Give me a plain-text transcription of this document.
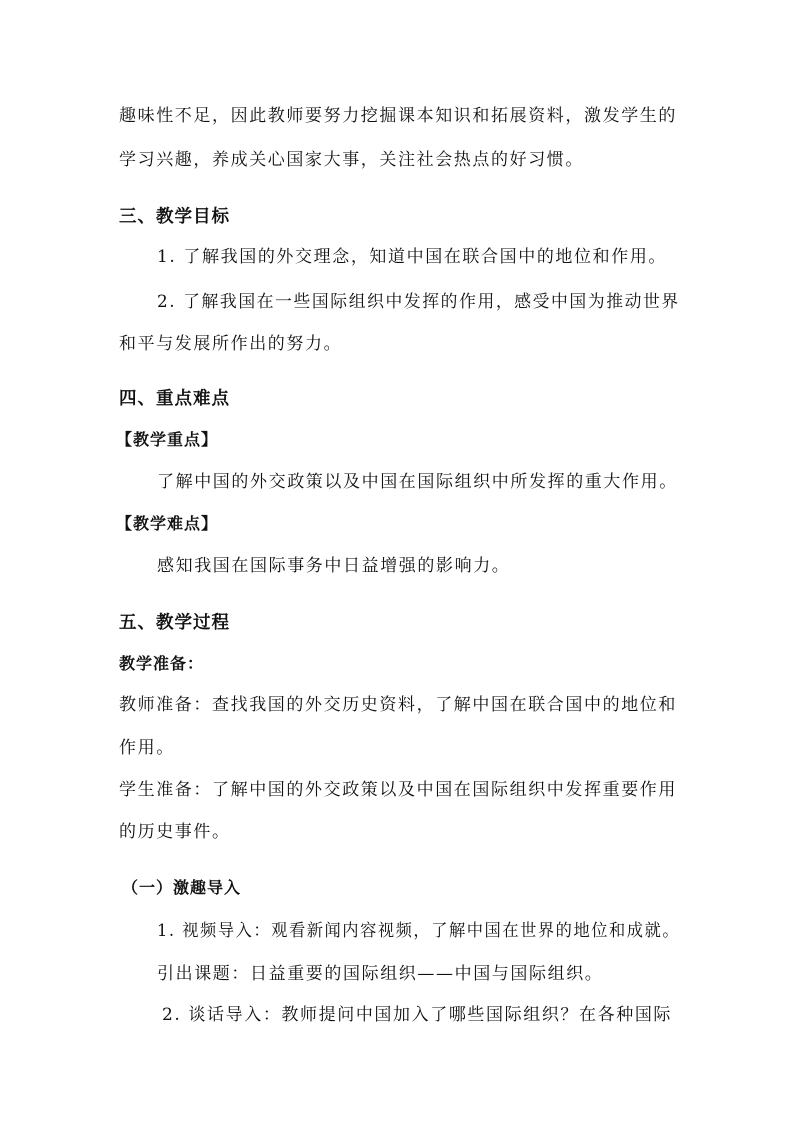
趣味性不足，因此教师要努力挖掘课本知识和拓展资料，激发学生的
学习兴趣，养成关心国家大事，关注社会热点的好习惯。
三、教学目标
1. 了解我国的外交理念，知道中国在联合国中的地位和作用。
2. 了解我国在一些国际组织中发挥的作用，感受中国为推动世界
和平与发展所作出的努力。
四、重点难点
【教学重点】
了解中国的外交政策以及中国在国际组织中所发挥的重大作用。
【教学难点】
感知我国在国际事务中日益增强的影响力。
五、教学过程
教学准备：
教师准备：查找我国的外交历史资料，了解中国在联合国中的地位和
作用。
学生准备：了解中国的外交政策以及中国在国际组织中发挥重要作用
的历史事件。
（一）激趣导入
1. 视频导入：观看新闻内容视频，了解中国在世界的地位和成就。
引出课题：日益重要的国际组织——中国与国际组织。
2. 谈话导入：教师提问中国加入了哪些国际组织？在各种国际
